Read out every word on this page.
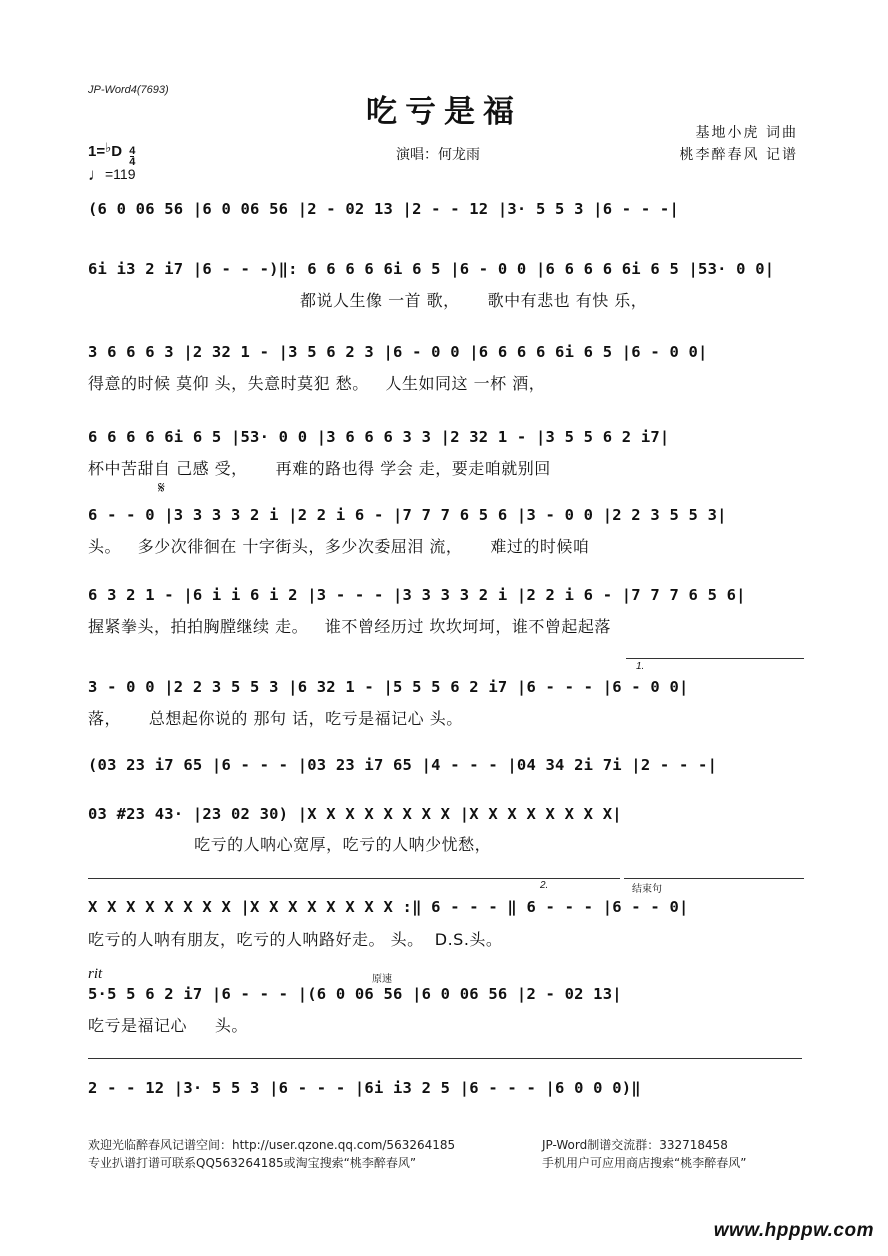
JP-Word4(7693)
吃亏是福
演唱：何龙雨
基地小虎 词曲
桃李醉春风 记谱
1=♭D $\frac{4}{4}$
♩=119
(6 0 06 56 |6 0 06 56 |2 - 02 13 |2 - - 12 |3· 5 5 3 |6 - - -|
6i i3 2 i7 |6 - - -)‖: 6 6 6 6 6i 6 5 |6 - 0 0 |6 6 6 6 6i 6 5 |53· 0 0|
都说人生像 一首 歌，     歌中有悲也 有快 乐，
3 6 6 6 3 |2 32 1 - |3 5 6 2 3 |6 - 0 0 |6 6 6 6 6i 6 5 |6 - 0 0|
得意的时候 莫仰 头，失意时莫犯 愁。   人生如同这 一杯 酒，
6 6 6 6 6i 6 5 |53· 0 0 |3 6 6 6 3 3 |2 32 1 - |3 5 5 6 2 i7|
杯中苦甜自 己感 受，     再难的路也得 学会 走，要走咱就别回
𝄋
6 - - 0 |3 3 3 3 2 i |2 2 i 6 - |7 7 7 6 5 6 |3 - 0 0 |2 2 3 5 5 3|
头。   多少次徘徊在 十字街头，多少次委屈泪 流，     难过的时候咱
6 3 2 1 - |6 i i 6 i 2 |3 - - - |3 3 3 3 2 i |2 2 i 6 - |7 7 7 6 5 6|
握紧拳头，拍拍胸膛继续 走。   谁不曾经历过 坎坎坷坷，谁不曾起起落
1.
3 - 0 0 |2 2 3 5 5 3 |6 32 1 - |5 5 5 6 2 i7 |6 - - - |6 - 0 0|
落，     总想起你说的 那句 话，吃亏是福记心 头。
(03 23 i7 65 |6 - - - |03 23 i7 65 |4 - - - |04 34 2i 7i |2 - - -|
03 #23 43· |23 02 30) |X X X X X X X X |X X X X X X X X|
吃亏的人呐心宽厚，吃亏的人呐少忧愁，
2.	结束句
X X X X X X X X |X X X X X X X X :‖ 6 - - - ‖ 6 - - - |6 - - 0|
吃亏的人呐有朋友，吃亏的人呐路好走。 头。  D.S.头。
rit	原速
5·5 5 6 2 i7 |6 - - - |(6 0 06 56 |6 0 06 56 |2 - 02 13|
吃亏是福记心     头。
2 - - 12 |3· 5 5 3 |6 - - - |6i i3 2 5 |6 - - - |6 0 0 0)‖
欢迎光临醉春风记谱空间：http://user.qzone.qq.com/563264185	JP-Word制谱交流群：332718458
专业扒谱打谱可联系QQ563264185或淘宝搜索“桃李醉春风”	手机用户可应用商店搜索“桃李醉春风”
www.hpppw.com
